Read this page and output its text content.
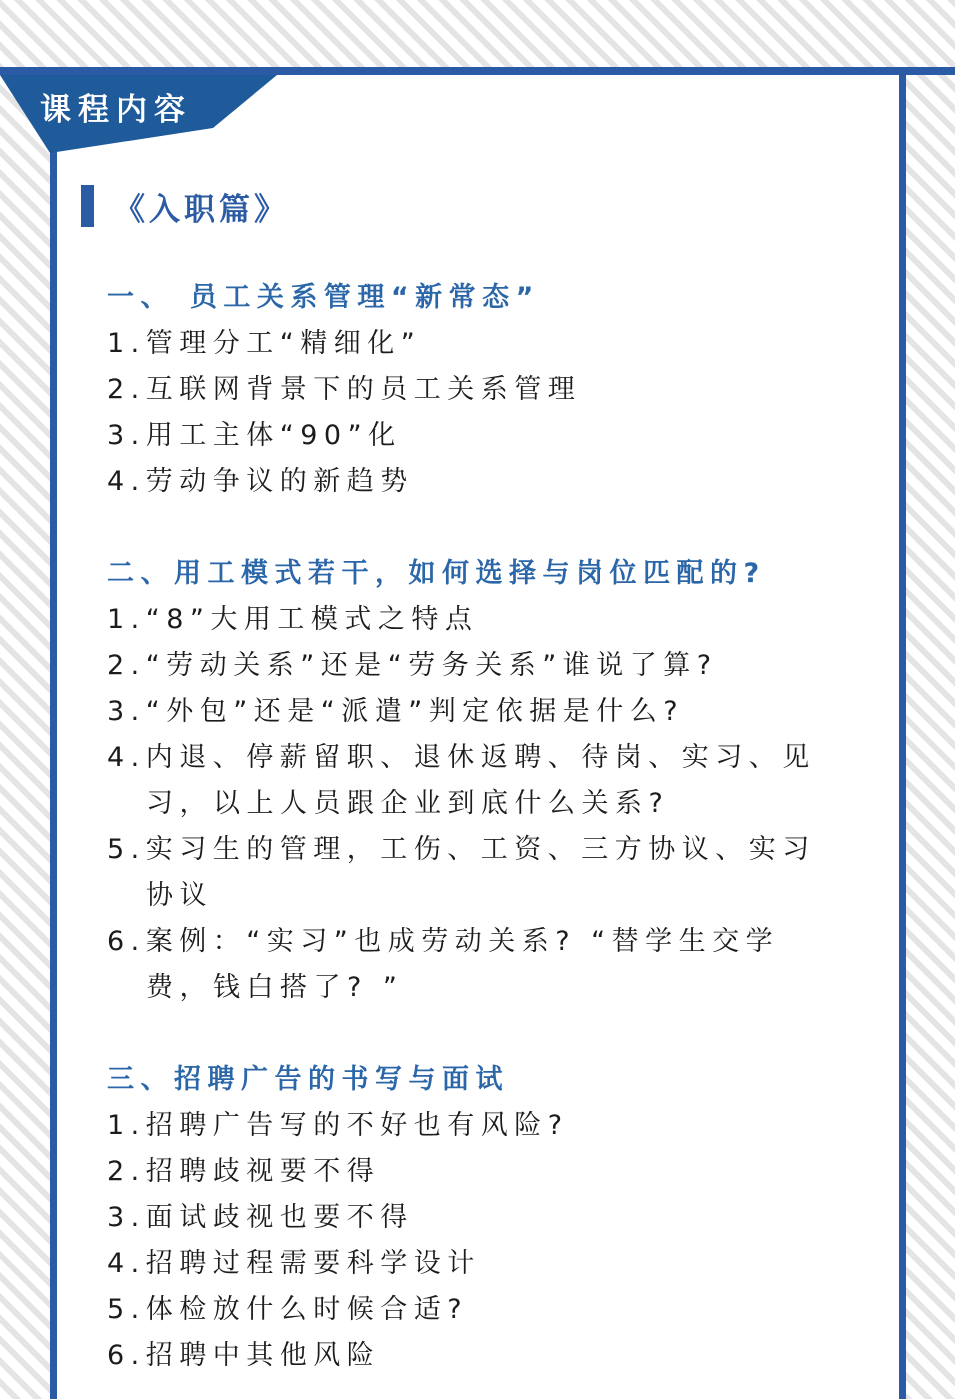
课程内容
《入职篇》
一、 员工关系管理“新常态”
1.管理分工“精细化”
2.互联网背景下的员工关系管理
3.用工主体“90”化
4.劳动争议的新趋势
二、用工模式若干，如何选择与岗位匹配的?
1.“8”大用工模式之特点
2.“劳动关系”还是“劳务关系”谁说了算?
3.“外包”还是“派遣”判定依据是什么?
4.内退、停薪留职、退休返聘、待岗、实习、见
习，以上人员跟企业到底什么关系?
5.实习生的管理，工伤、工资、三方协议、实习
协议
6.案例：“实习”也成劳动关系? “替学生交学
费，钱白搭了? ”
三、招聘广告的书写与面试
1.招聘广告写的不好也有风险?
2.招聘歧视要不得
3.面试歧视也要不得
4.招聘过程需要科学设计
5.体检放什么时候合适?
6.招聘中其他风险
